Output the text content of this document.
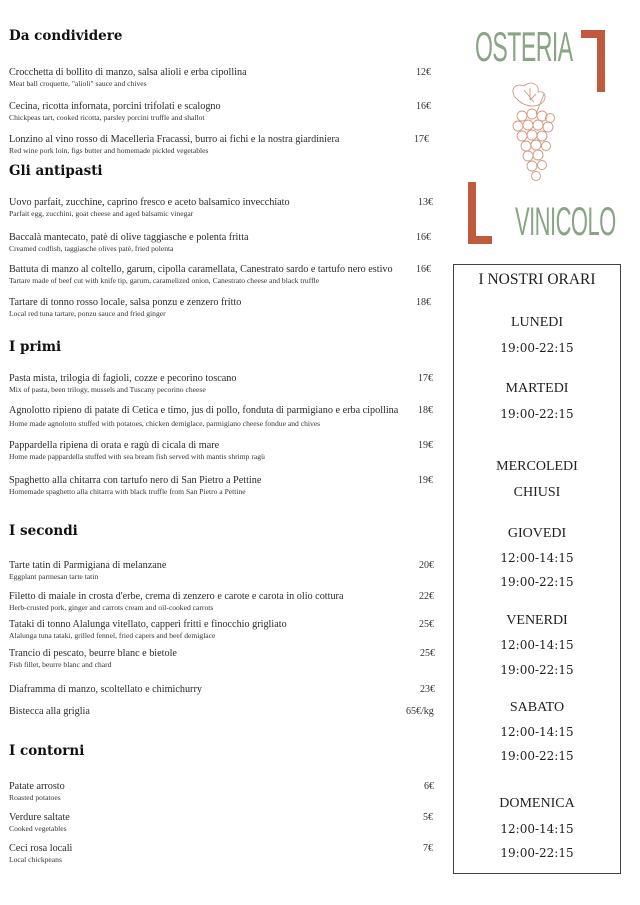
Da condividere
Crocchetta di bollito di manzo, salsa alioli e erba cipollina
Meat ball croquette, "alioli" sauce and chives
12€
Cecina, ricotta infornata, porcini trifolati e scalogno
Chickpeas tart, cooked ricotta, parsley porcini truffle and shallot
16€
Lonzino al vino rosso di Macelleria Fracassi, burro ai fichi e la nostra giardiniera
Red wine pork loin, figs butter and homemade pickled vegetables
17€
Gli antipasti
Uovo parfait, zucchine, caprino fresco e aceto balsamico invecchiato
Parfait egg, zucchini, goat cheese and aged balsamic vinegar
13€
Baccalà mantecato, patè di olive taggiasche e polenta fritta
Creamed codfish, taggiasche olives patè, fried polenta
16€
Battuta di manzo al coltello, garum, cipolla caramellata, Canestrato sardo e tartufo nero estivo
Tartare made of beef cut with knife tip, garum, caramelized onion, Canestrato cheese and black truffle
16€
Tartare di tonno rosso locale, salsa ponzu e zenzero fritto
Local red tuna tartare, ponzu sauce and fried ginger
18€
I primi
Pasta mista, trilogia di fagioli, cozze e pecorino toscano
Mix of pasta, been trilogy, mussels and Tuscany pecorino cheese
17€
Agnolotto ripieno di patate di Cetica e timo, jus di pollo, fonduta di parmigiano e erba cipollina
Home made agnolotto stuffed with potatoes, chicken demiglace, parmigiano cheese fondue and chives
18€
Pappardella ripiena di orata e ragù di cicala di mare
Home made pappardella stuffed with sea bream fish served with mantis shrimp ragù
19€
Spaghetto alla chitarra con tartufo nero di San Pietro a Pettine
Homemade spaghetto alla chitarra with black truffle from San Pietro a Pettine
19€
I secondi
Tarte tatin di Parmigiana di melanzane
Eggplant parmesan tarte tatin
20€
Filetto di maiale in crosta d'erbe, crema di zenzero e carote e carota in olio cottura
Herb-crusted pork, ginger and carrots cream and oil-cooked carrots
22€
Tataki di tonno Alalunga vitellato, capperi fritti e finocchio grigliato
Alalunga tuna tataki, grilled fennel, fried capers and beef demiglace
25€
Trancio di pescato, beurre blanc e bietole
Fish fillet, beurre blanc and chard
25€
Diaframma di manzo, scoltellato e chimichurry	23€
Bistecca alla griglia	65€/kg
I contorni
Patate arrosto
Roasted potatoes
6€
Verdure saltate
Cooked vegetables
5€
Ceci rosa locali
Local chickpeans
7€
OSTERIA
VINICOLO
I NOSTRI ORARI
LUNEDI
19:00-22:15
MARTEDI
19:00-22:15
MERCOLEDI
CHIUSI
GIOVEDI
12:00-14:15
19:00-22:15
VENERDI
12:00-14:15
19:00-22:15
SABATO
12:00-14:15
19:00-22:15
DOMENICA
12:00-14:15
19:00-22:15
